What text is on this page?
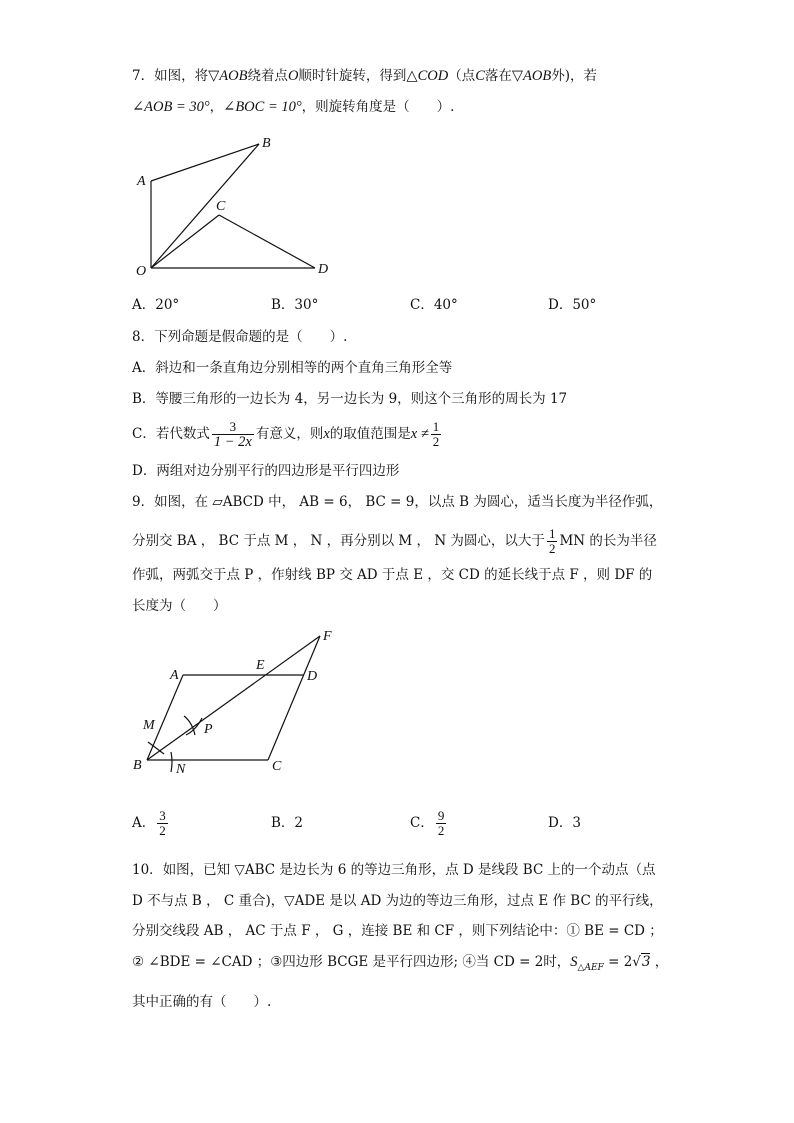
7．如图，将▽AOB绕着点O顺时针旋转，得到△COD（点C落在▽AOB外)，若
∠AOB = 30°，∠BOC = 10°，则旋转角度是（　　）.
A
B
C
O	D
A
E
D
F
M	P
B N	C
A．20°	B．30°	C．40°	D．50°
8．下列命题是假命题的是（　　）.
A．斜边和一条直角边分别相等的两个直角三角形全等
B．等腰三角形的一边长为 4，另一边长为 9，则这个三角形的周长为 17
C．若代数式 $\frac{3}{1 - 2x}$ 有意义，则x的取值范围是$x \ne \frac{1}{2}$
D．两组对边分别平行的四边形是平行四边形
9．如图，在 ▱ABCD 中， AB = 6， BC = 9，以点 B 为圆心，适当长度为半径作弧，
分别交 BA ， BC 于点 M ， N ，再分别以 M ， N 为圆心，以大于 $\frac{1}{2}$ MN 的长为半径
作弧，两弧交于点 P ，作射线 BP 交 AD 于点 E ，交 CD 的延长线于点 F ，则 DF 的
长度为（　　）
A． $\frac{3}{2}$	B．2	C． $\frac{9}{2}$	D．3
10．如图，已知 ▽ABC 是边长为 6 的等边三角形，点 D 是线段 BC 上的一个动点（点
D 不与点 B ， C 重合)，▽ADE 是以 AD 为边的等边三角形，过点 E 作 BC 的平行线，
分别交线段 AB ， AC 于点 F ， G ，连接 BE 和 CF ，则下列结论中：① BE = CD ；
② ∠BDE = ∠CAD ；③四边形 BCGE 是平行四边形; ④当 CD = 2时，$S_{\triangle AEF} = 2√3$ ，
其中正确的有（　　）.
